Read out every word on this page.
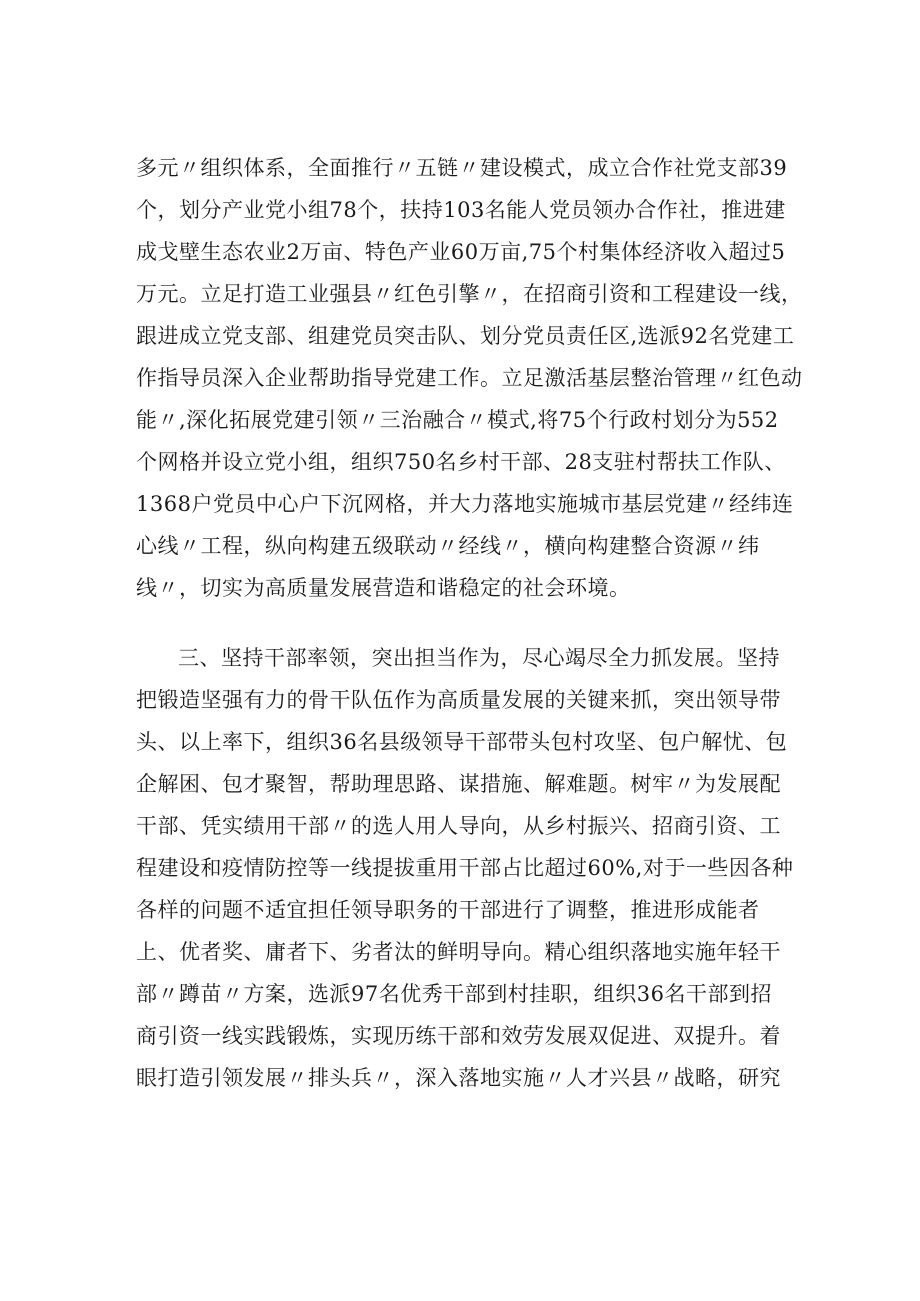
多元〃组织体系，全面推行〃五链〃建设模式，成立合作社党支部39
个，划分产业党小组78个，扶持103名能人党员领办合作社，推进建
成戈壁生态农业2万亩、特色产业60万亩,75个村集体经济收入超过5
万元。立足打造工业强县〃红色引擎〃，在招商引资和工程建设一线，
跟进成立党支部、组建党员突击队、划分党员责任区,选派92名党建工
作指导员深入企业帮助指导党建工作。立足激活基层整治管理〃红色动
能〃,深化拓展党建引领〃三治融合〃模式,将75个行政村划分为552
个网格并设立党小组，组织750名乡村干部、28支驻村帮扶工作队、
1368户党员中心户下沉网格，并大力落地实施城市基层党建〃经纬连
心线〃工程，纵向构建五级联动〃经线〃，横向构建整合资源〃纬
线〃，切实为高质量发展营造和谐稳定的社会环境。
三、坚持干部率领，突出担当作为，尽心竭尽全力抓发展。坚持
把锻造坚强有力的骨干队伍作为高质量发展的关键来抓，突出领导带
头、以上率下，组织36名县级领导干部带头包村攻坚、包户解忧、包
企解困、包才聚智，帮助理思路、谋措施、解难题。树牢〃为发展配
干部、凭实绩用干部〃的选人用人导向，从乡村振兴、招商引资、工
程建设和疫情防控等一线提拔重用干部占比超过60%,对于一些因各种
各样的问题不适宜担任领导职务的干部进行了调整，推进形成能者
上、优者奖、庸者下、劣者汰的鲜明导向。精心组织落地实施年轻干
部〃蹲苗〃方案，选派97名优秀干部到村挂职，组织36名干部到招
商引资一线实践锻炼，实现历练干部和效劳发展双促进、双提升。着
眼打造引领发展〃排头兵〃，深入落地实施〃人才兴县〃战略，研究
